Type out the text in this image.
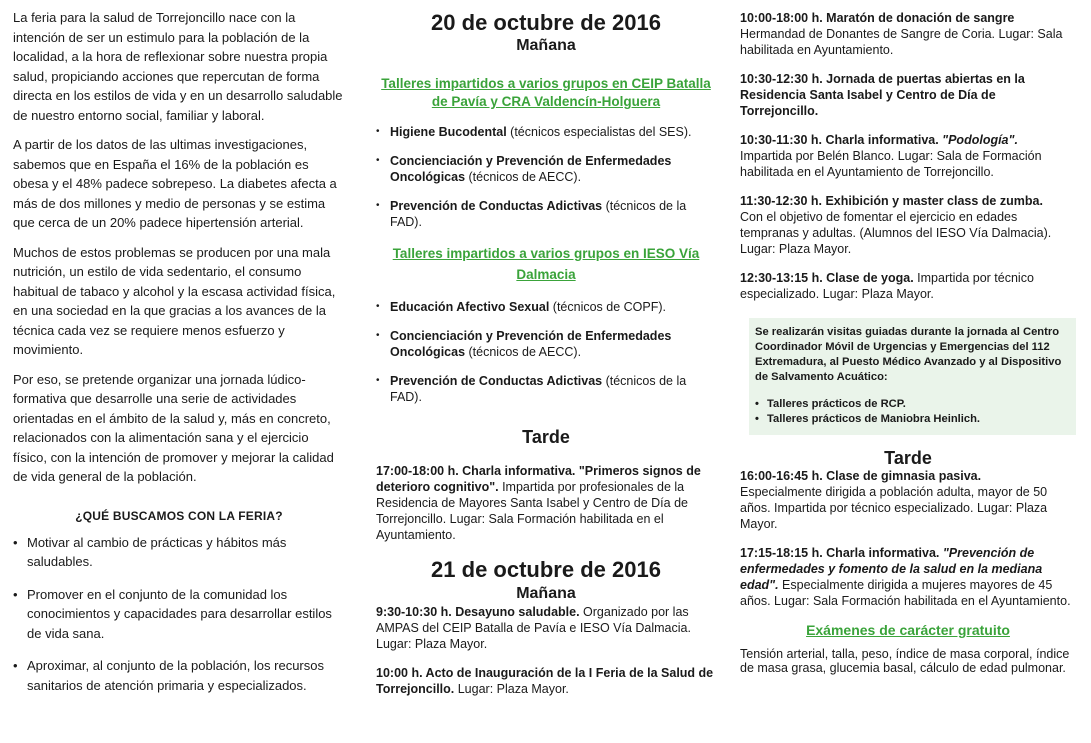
La feria para la salud de Torrejoncillo nace con la intención de ser un estimulo para la población de la localidad, a la hora de reflexionar sobre nuestra propia salud, propiciando acciones que repercutan de forma directa en los estilos de vida y en un desarrollo saludable de nuestro entorno social, familiar y laboral.

A partir de los datos de las ultimas investigaciones, sabemos que en España el 16% de la población es obesa y el 48% padece sobrepeso. La diabetes afecta a más de dos millones y medio de personas y se estima que cerca de un 20% padece hipertensión arterial.

Muchos de estos problemas se producen por una mala nutrición, un estilo de vida sedentario, el consumo habitual de tabaco y alcohol y la escasa actividad física, en una sociedad en la que gracias a los avances de la técnica cada vez se requiere menos esfuerzo y movimiento.

Por eso, se pretende organizar una jornada lúdico-formativa que desarrolle una serie de actividades orientadas en el ámbito de la salud y, más en concreto, relacionados con la alimentación sana y el ejercicio físico, con la intención de promover y mejorar la calidad de vida general de la población.

¿QUÉ BUSCAMOS CON LA FERIA?
• Motivar al cambio de prácticas y hábitos más saludables.
• Promover en el conjunto de la comunidad los conocimientos y capacidades para desarrollar estilos de vida sana.
• Aproximar, al conjunto de la población, los recursos sanitarios de atención primaria y especializados.
20 de octubre de 2016
Mañana
Talleres impartidos a varios grupos en CEIP Batalla de Pavía y CRA Valdencín-Holguera
• Higiene Bucodental (técnicos especialistas del SES).
• Concienciación y Prevención de Enfermedades Oncológicas (técnicos de AECC).
• Prevención de Conductas Adictivas (técnicos de la FAD).
Talleres impartidos a varios grupos en IESO Vía Dalmacia
• Educación Afectivo Sexual (técnicos de COPF).
• Concienciación y Prevención de Enfermedades Oncológicas (técnicos de AECC).
• Prevención de Conductas Adictivas (técnicos de la FAD).
Tarde

17:00-18:00 h. Charla informativa. "Primeros signos de deterioro cognitivo". Impartida por profesionales de la Residencia de Mayores Santa Isabel y Centro de Día de Torrejoncillo. Lugar: Sala Formación habilitada en el Ayuntamiento.

21 de octubre de 2016
Mañana

9:30-10:30 h. Desayuno saludable. Organizado por las AMPAS del CEIP Batalla de Pavía e IESO Vía Dalmacia. Lugar: Plaza Mayor.

10:00 h. Acto de Inauguración de la I Feria de la Salud de Torrejoncillo. Lugar: Plaza Mayor.

10:00-18:00 h. Maratón de donación de sangre
Hermandad de Donantes de Sangre de Coria. Lugar: Sala habilitada en Ayuntamiento.

10:30-12:30 h. Jornada de puertas abiertas en la Residencia Santa Isabel y Centro de Día de Torrejoncillo.

10:30-11:30 h. Charla informativa. "Podología".
Impartida por Belén Blanco. Lugar: Sala de Formación habilitada en el Ayuntamiento de Torrejoncillo.

11:30-12:30 h. Exhibición y master class de zumba.
Con el objetivo de fomentar el ejercicio en edades tempranas y adultas. (Alumnos del IESO Vía Dalmacia). Lugar: Plaza Mayor.

12:30-13:15 h. Clase de yoga. Impartida por técnico especializado. Lugar: Plaza Mayor.

Se realizarán visitas guiadas durante la jornada al Centro Coordinador Móvil de Urgencias y Emergencias del 112 Extremadura, al Puesto Médico Avanzado y al Dispositivo de Salvamento Acuático:
• Talleres prácticos de RCP.
• Talleres prácticos de Maniobra Heinlich.
Tarde

16:00-16:45 h. Clase de gimnasia pasiva.
Especialmente dirigida a población adulta, mayor de 50 años. Impartida por técnico especializado. Lugar: Plaza Mayor.

17:15-18:15 h. Charla informativa. "Prevención de enfermedades y fomento de la salud en la mediana edad". Especialmente dirigida a mujeres mayores de 45 años. Lugar: Sala Formación habilitada en el Ayuntamiento.

Exámenes de carácter gratuito

Tensión arterial, talla, peso, índice de masa corporal, índice de masa grasa, glucemia basal, cálculo de edad pulmonar.
